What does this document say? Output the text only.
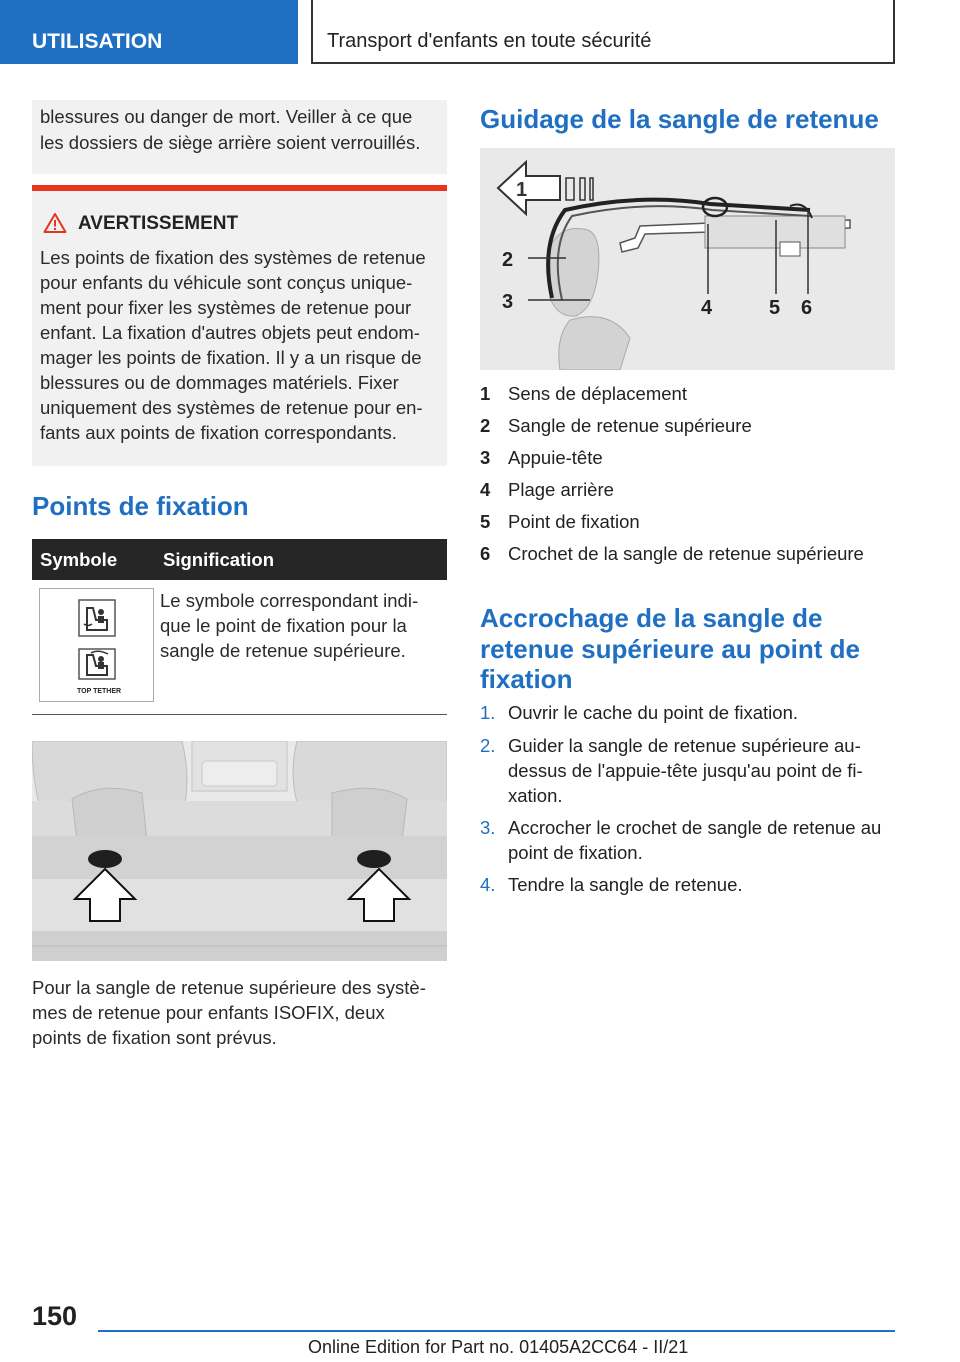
UTILISATION	Transport d'enfants en toute sécurité
blessures ou danger de mort. Veiller à ce que
les dossiers de siège arrière soient verrouillés.
AVERTISSEMENT
Les points de fixation des systèmes de retenue
pour enfants du véhicule sont conçus unique-
ment pour fixer les systèmes de retenue pour
enfant. La fixation d'autres objets peut endom-
mager les points de fixation. Il y a un risque de
blessures ou de dommages matériels. Fixer
uniquement des systèmes de retenue pour en-
fants aux points de fixation correspondants.
Points de fixation
Symbole Signification
TOP TETHER
Le symbole correspondant indi-
que le point de fixation pour la
sangle de retenue supérieure.
Pour la sangle de retenue supérieure des systè-
mes de retenue pour enfants ISOFIX, deux
points de fixation sont prévus.
Guidage de la sangle de retenue
1
2
3	4	5 6
1 Sens de déplacement
2 Sangle de retenue supérieure
3 Appuie-tête
4 Plage arrière
5 Point de fixation
6 Crochet de la sangle de retenue supérieure
Accrochage de la sangle de
retenue supérieure au point de
fixation
1. Ouvrir le cache du point de fixation.
2. Guider la sangle de retenue supérieure au-
dessus de l'appuie-tête jusqu'au point de fi-
xation.
3. Accrocher le crochet de sangle de retenue au
point de fixation.
4. Tendre la sangle de retenue.
150
Online Edition for Part no. 01405A2CC64 - II/21
